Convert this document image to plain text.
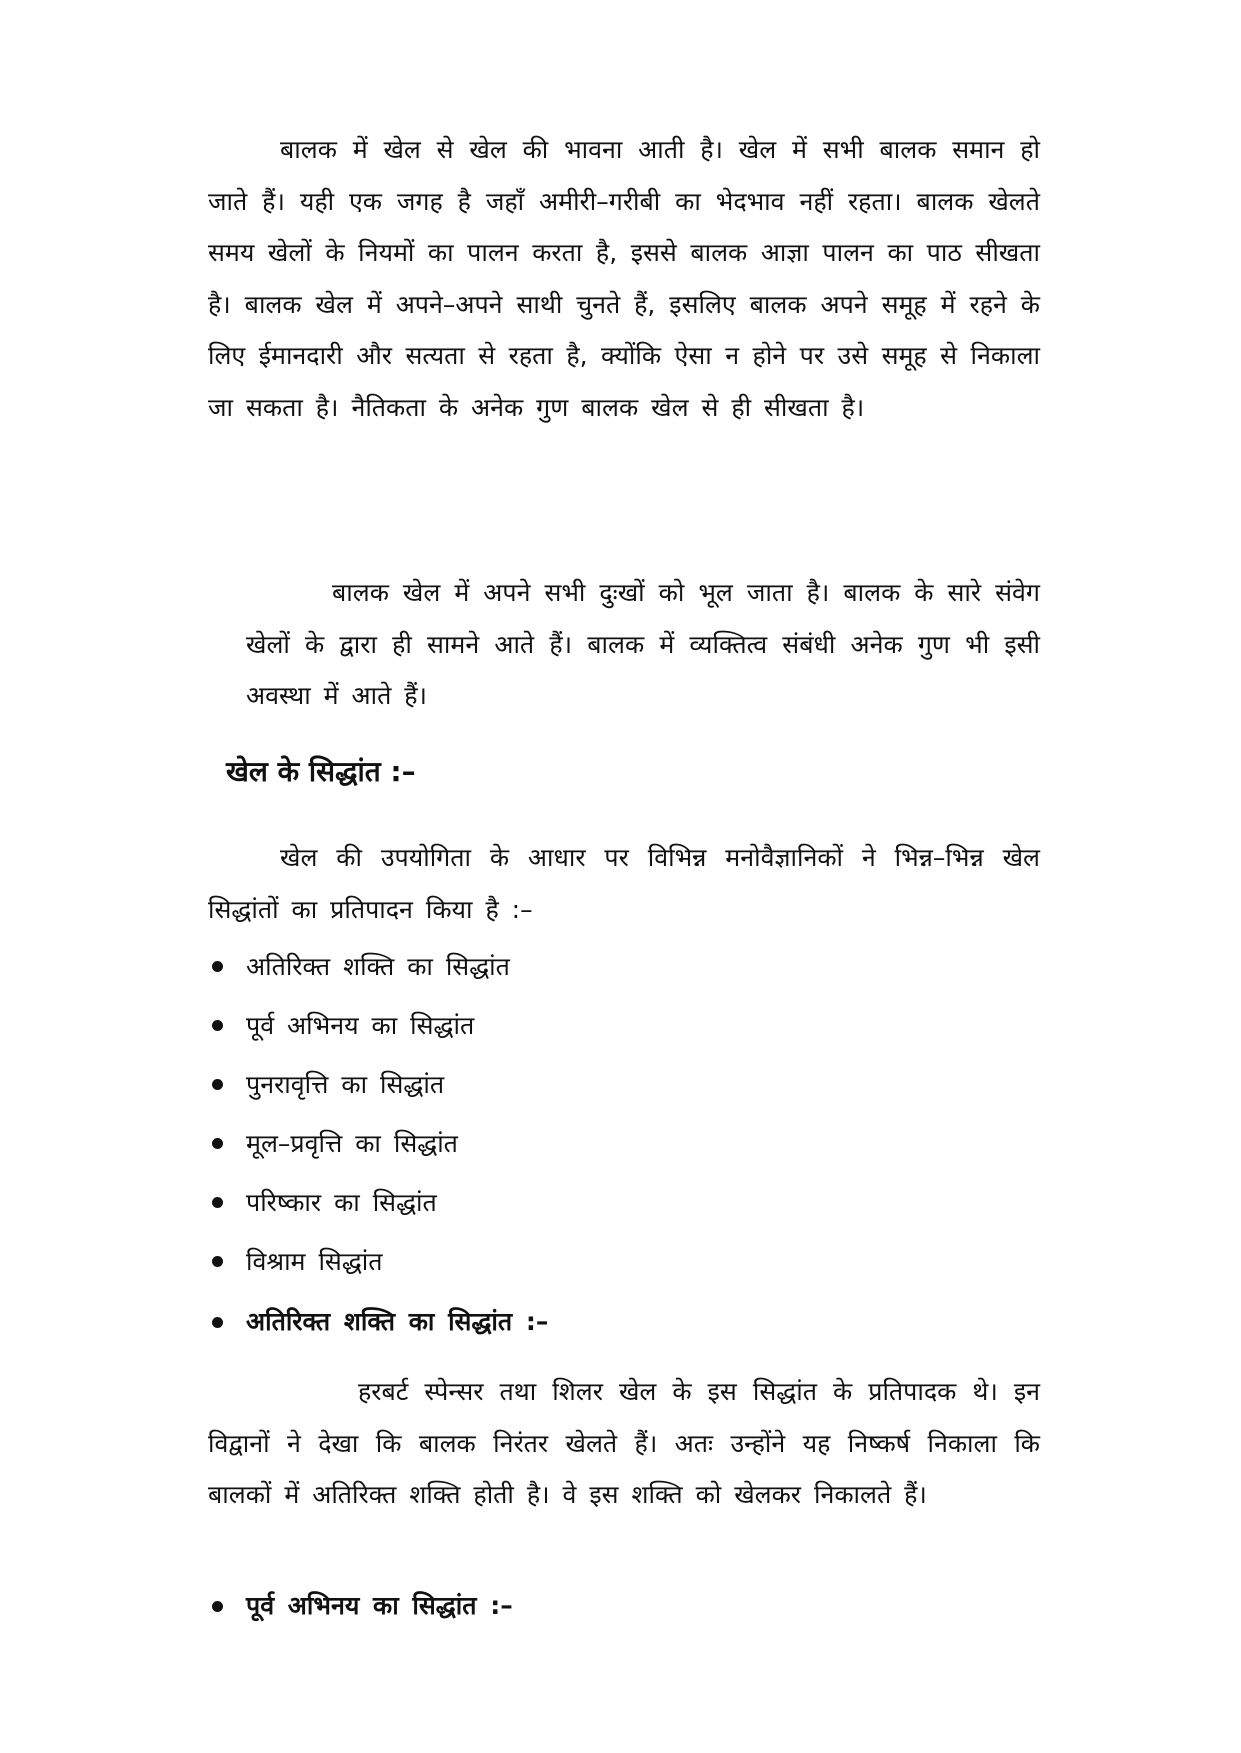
बालक में खेल से खेल की भावना आती है। खेल में सभी बालक समान हो जाते हैं। यही एक जगह है जहाँ अमीरी–गरीबी का भेदभाव नहीं रहता। बालक खेलते समय खेलों के नियमों का पालन करता है, इससे बालक आज्ञा पालन का पाठ सीखता है। बालक खेल में अपने–अपने साथी चुनते हैं, इसलिए बालक अपने समूह में रहने के लिए ईमानदारी और सत्यता से रहता है, क्योंकि ऐसा न होने पर उसे समूह से निकाला जा सकता है। नैतिकता के अनेक गुण बालक खेल से ही सीखता है।

बालक खेल में अपने सभी दुःखों को भूल जाता है। बालक के सारे संवेग खेलों के द्वारा ही सामने आते हैं। बालक में व्यक्तित्व संबंधी अनेक गुण भी इसी अवस्था में आते हैं।

खेल के सिद्धांत :–

खेल की उपयोगिता के आधार पर विभिन्न मनोवैज्ञानिकों ने भिन्न–भिन्न खेल सिद्धांतों का प्रतिपादन किया है :–

अतिरिक्त शक्ति का सिद्धांत
पूर्व अभिनय का सिद्धांत
पुनरावृत्ति का सिद्धांत
मूल–प्रवृत्ति का सिद्धांत
परिष्कार का सिद्धांत
विश्राम सिद्धांत
अतिरिक्त शक्ति का सिद्धांत :–

हरबर्ट स्पेन्सर तथा शिलर खेल के इस सिद्धांत के प्रतिपादक थे। इन विद्वानों ने देखा कि बालक निरंतर खेलते हैं। अतः उन्होंने यह निष्कर्ष निकाला कि बालकों में अतिरिक्त शक्ति होती है। वे इस शक्ति को खेलकर निकालते हैं।

पूर्व अभिनय का सिद्धांत :–
